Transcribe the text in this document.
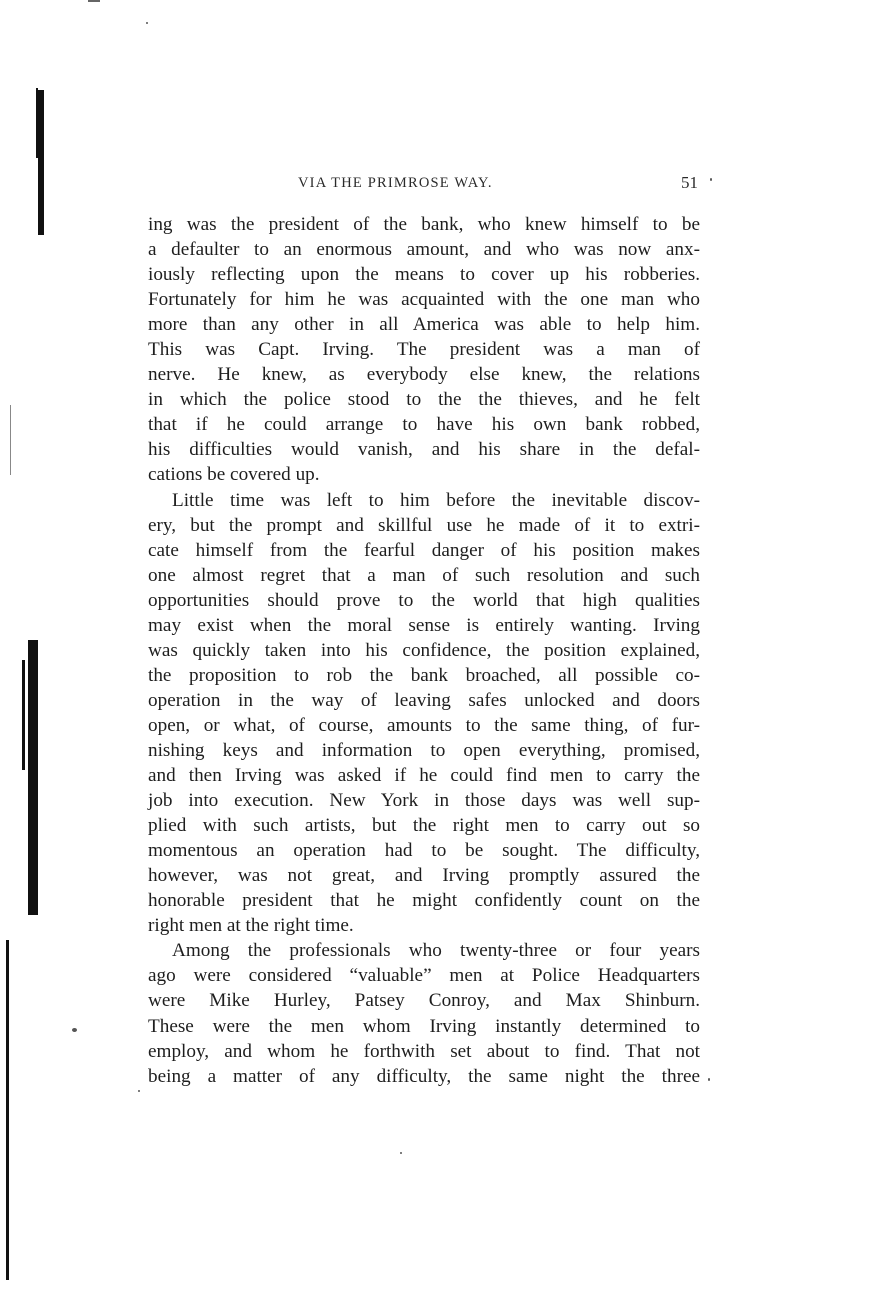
VIA THE PRIMROSE WAY.	51
ing was the president of the bank, who knew himself to be
a defaulter to an enormous amount, and who was now anx-
iously reflecting upon the means to cover up his robberies.
Fortunately for him he was acquainted with the one man who
more than any other in all America was able to help him.
This was Capt. Irving. The president was a man of
nerve. He knew, as everybody else knew, the relations
in which the police stood to the the thieves, and he felt
that if he could arrange to have his own bank robbed,
his difficulties would vanish, and his share in the defal-
cations be covered up.
Little time was left to him before the inevitable discov-
ery, but the prompt and skillful use he made of it to extri-
cate himself from the fearful danger of his position makes
one almost regret that a man of such resolution and such
opportunities should prove to the world that high qualities
may exist when the moral sense is entirely wanting. Irving
was quickly taken into his confidence, the position explained,
the proposition to rob the bank broached, all possible co-
operation in the way of leaving safes unlocked and doors
open, or what, of course, amounts to the same thing, of fur-
nishing keys and information to open everything, promised,
and then Irving was asked if he could find men to carry the
job into execution. New York in those days was well sup-
plied with such artists, but the right men to carry out so
momentous an operation had to be sought. The difficulty,
however, was not great, and Irving promptly assured the
honorable president that he might confidently count on the
right men at the right time.
Among the professionals who twenty-three or four years
ago were considered “valuable” men at Police Headquarters
were Mike Hurley, Patsey Conroy, and Max Shinburn.
These were the men whom Irving instantly determined to
employ, and whom he forthwith set about to find. That not
being a matter of any difficulty, the same night the three
